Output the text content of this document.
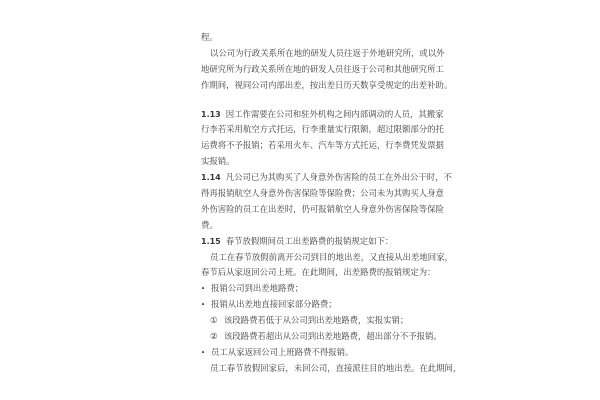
程。
以公司为行政关系所在地的研发人员往返于外地研究所，或以外
地研究所为行政关系所在地的研发人员往返于公司和其他研究所工
作期间，视同公司内部出差，按出差日历天数享受规定的出差补助。
1.13 因工作需要在公司和驻外机构之间内部调动的人员，其搬家
行李若采用航空方式托运，行李重量实行限额，超过限额部分的托
运费将不予报销；若采用火车、汽车等方式托运，行李费凭发票据
实报销。
1.14 凡公司已为其购买了人身意外伤害险的员工在外出公干时，不
得再报销航空人身意外伤害保险等保险费；公司未为其购买人身意
外伤害险的员工在出差时，仍可报销航空人身意外伤害保险等保险
费。
1.15 春节放假期间员工出差路费的报销规定如下：
员工在春节放假前离开公司到目的地出差，又直接从出差地回家，
春节后从家返回公司上班。在此期间，出差路费的报销规定为：
• 报销公司到出差地路费；
• 报销从出差地直接回家部分路费；
① 该段路费若低于从公司到出差地路费，实报实销；
② 该段路费若超出从公司到出差地路费，超出部分不予报销。
• 员工从家返回公司上班路费不得报销。
员工春节放假回家后，未回公司，直接派往目的地出差。在此期间，
